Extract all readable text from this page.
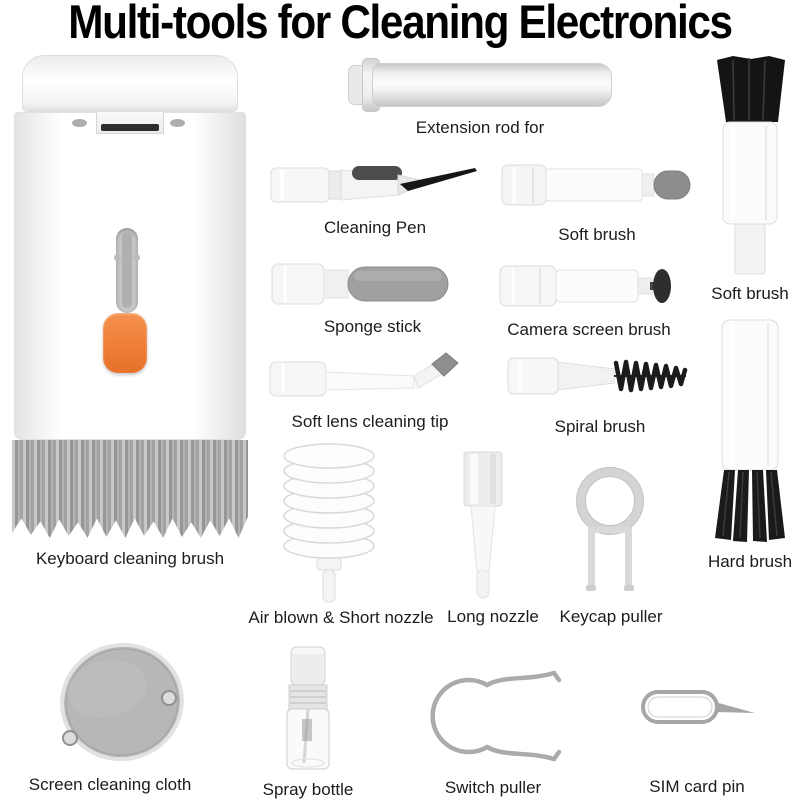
Multi-tools for Cleaning Electronics
Keyboard cleaning brush
Extension rod for
Cleaning Pen	Soft brush
Soft brush
Sponge stick	Camera screen brush
Soft lens cleaning tip	Spiral brush
Hard brush
Air blown & Short nozzle Long nozzle Keycap puller
Screen cleaning cloth	Spray bottle	Switch puller	SIM card pin
